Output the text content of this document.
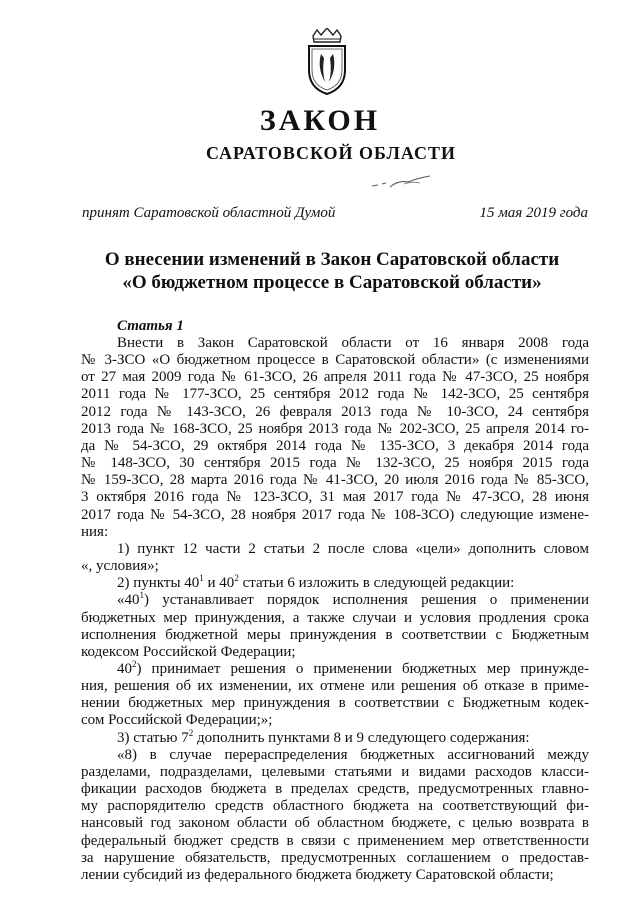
ЗАКОН
САРАТОВСКОЙ ОБЛАСТИ
принят Саратовской областной Думой	15 мая 2019 года
О внесении изменений в Закон Саратовской области
«О бюджетном процессе в Саратовской области»
Статья 1

Внести в Закон Саратовской области от 16 января 2008 года

№ 3-ЗСО «О бюджетном процессе в Саратовской области» (с изменениями

от 27 мая 2009 года № 61-ЗСО, 26 апреля 2011 года № 47-ЗСО, 25 ноября

2011 года № 177-ЗСО, 25 сентября 2012 года № 142-ЗСО, 25 сентября

2012 года № 143-ЗСО, 26 февраля 2013 года № 10-ЗСО, 24 сентября

2013 года № 168-ЗСО, 25 ноября 2013 года № 202-ЗСО, 25 апреля 2014 го-

да № 54-ЗСО, 29 октября 2014 года № 135-ЗСО, 3 декабря 2014 года

№ 148-ЗСО, 30 сентября 2015 года № 132-ЗСО, 25 ноября 2015 года

№ 159-ЗСО, 28 марта 2016 года № 41-ЗСО, 20 июля 2016 года № 85-ЗСО,

3 октября 2016 года № 123-ЗСО, 31 мая 2017 года № 47-ЗСО, 28 июня

2017 года № 54-ЗСО, 28 ноября 2017 года № 108-ЗСО) следующие измене-

ния:

1) пункт 12 части 2 статьи 2 после слова «цели» дополнить словом

«, условия»;

2) пункты $40^1$ и $40^2$ статьи 6 изложить в следующей редакции:

«$40^1$) устанавливает порядок исполнения решения о применении

бюджетных мер принуждения, а также случаи и условия продления срока

исполнения бюджетной меры принуждения в соответствии с Бюджетным

кодексом Российской Федерации;

$40^2$) принимает решения о применении бюджетных мер принужде-

ния, решения об их изменении, их отмене или решения об отказе в приме-

нении бюджетных мер принуждения в соответствии с Бюджетным кодек-

сом Российской Федерации;»;

3) статью $7^2$ дополнить пунктами 8 и 9 следующего содержания:

«8) в случае перераспределения бюджетных ассигнований между

разделами, подразделами, целевыми статьями и видами расходов класси-

фикации расходов бюджета в пределах средств, предусмотренных главно-

му распорядителю средств областного бюджета на соответствующий фи-

нансовый год законом области об областном бюджете, с целью возврата в

федеральный бюджет средств в связи с применением мер ответственности

за нарушение обязательств, предусмотренных соглашением о предостав-

лении субсидий из федерального бюджета бюджету Саратовской области;
